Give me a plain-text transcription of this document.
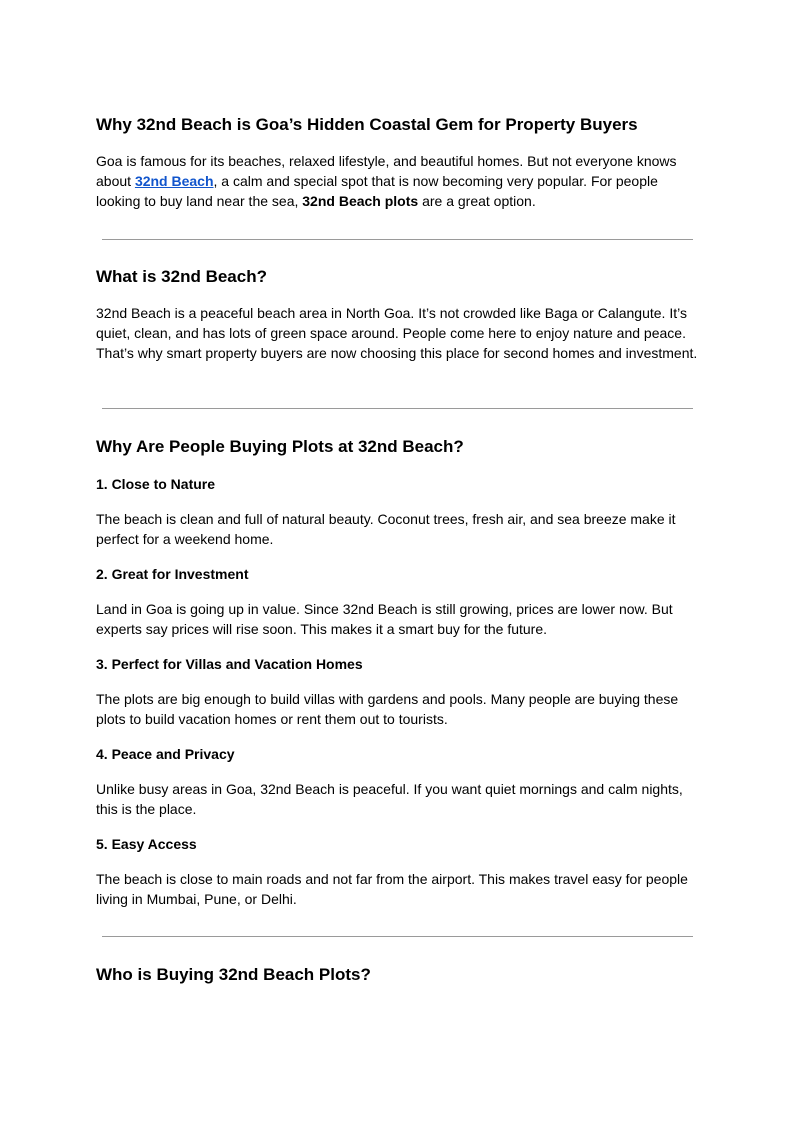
Why 32nd Beach is Goa’s Hidden Coastal Gem for Property Buyers
Goa is famous for its beaches, relaxed lifestyle, and beautiful homes. But not everyone knows about 32nd Beach, a calm and special spot that is now becoming very popular. For people looking to buy land near the sea, 32nd Beach plots are a great option.
What is 32nd Beach?
32nd Beach is a peaceful beach area in North Goa. It’s not crowded like Baga or Calangute. It’s quiet, clean, and has lots of green space around. People come here to enjoy nature and peace. That’s why smart property buyers are now choosing this place for second homes and investment.
Why Are People Buying Plots at 32nd Beach?
1. Close to Nature
The beach is clean and full of natural beauty. Coconut trees, fresh air, and sea breeze make it perfect for a weekend home.
2. Great for Investment
Land in Goa is going up in value. Since 32nd Beach is still growing, prices are lower now. But experts say prices will rise soon. This makes it a smart buy for the future.
3. Perfect for Villas and Vacation Homes
The plots are big enough to build villas with gardens and pools. Many people are buying these plots to build vacation homes or rent them out to tourists.
4. Peace and Privacy
Unlike busy areas in Goa, 32nd Beach is peaceful. If you want quiet mornings and calm nights, this is the place.
5. Easy Access
The beach is close to main roads and not far from the airport. This makes travel easy for people living in Mumbai, Pune, or Delhi.
Who is Buying 32nd Beach Plots?
